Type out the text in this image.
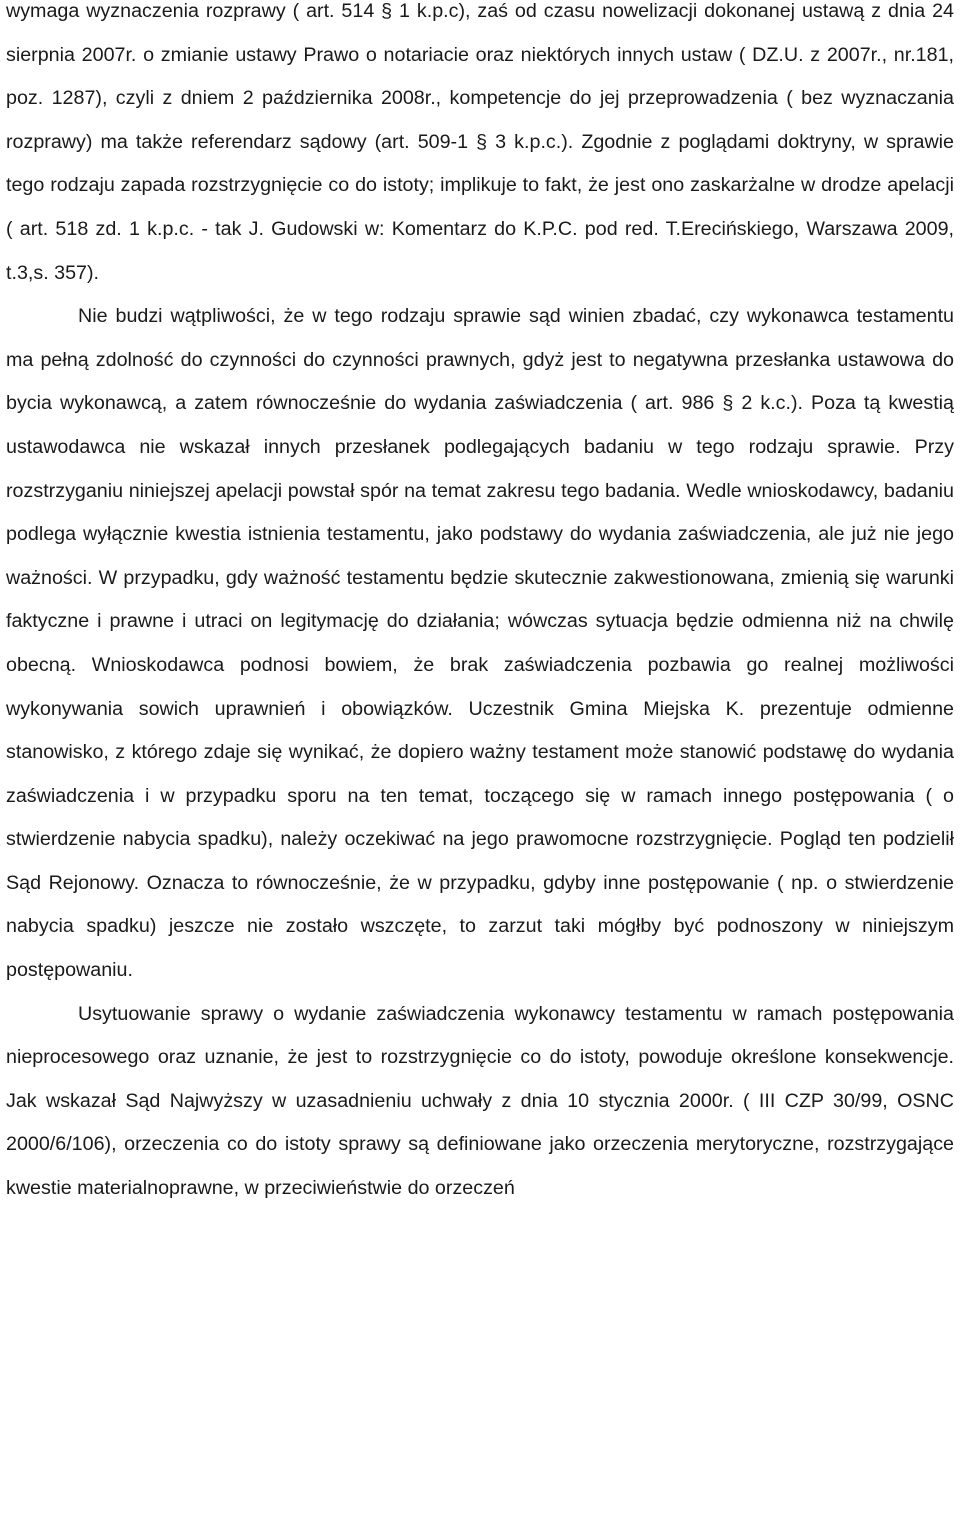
wymaga wyznaczenia rozprawy ( art. 514 § 1 k.p.c), zaś od czasu nowelizacji dokonanej ustawą z dnia 24 sierpnia 2007r. o zmianie ustawy Prawo o notariacie oraz niektórych innych ustaw ( DZ.U. z 2007r., nr.181, poz. 1287), czyli z dniem 2 października 2008r., kompetencje do jej przeprowadzenia ( bez wyznaczania rozprawy) ma także referendarz sądowy (art. 509-1 § 3 k.p.c.). Zgodnie z poglądami doktryny, w sprawie tego rodzaju zapada rozstrzygnięcie co do istoty; implikuje to fakt, że jest ono zaskarżalne w drodze apelacji ( art. 518 zd. 1 k.p.c. - tak J. Gudowski w: Komentarz do K.P.C. pod red. T.Erecińskiego, Warszawa 2009, t.3,s. 357).

Nie budzi wątpliwości, że w tego rodzaju sprawie sąd winien zbadać, czy wykonawca testamentu ma pełną zdolność do czynności do czynności prawnych, gdyż jest to negatywna przesłanka ustawowa do bycia wykonawcą, a zatem równocześnie do wydania zaświadczenia ( art. 986 § 2 k.c.). Poza tą kwestią ustawodawca nie wskazał innych przesłanek podlegających badaniu w tego rodzaju sprawie. Przy rozstrzyganiu niniejszej apelacji powstał spór na temat zakresu tego badania. Wedle wnioskodawcy, badaniu podlega wyłącznie kwestia istnienia testamentu, jako podstawy do wydania zaświadczenia, ale już nie jego ważności. W przypadku, gdy ważność testamentu będzie skutecznie zakwestionowana, zmienią się warunki faktyczne i prawne i utraci on legitymację do działania; wówczas sytuacja będzie odmienna niż na chwilę obecną. Wnioskodawca podnosi bowiem, że brak zaświadczenia pozbawia go realnej możliwości wykonywania sowich uprawnień i obowiązków. Uczestnik Gmina Miejska K. prezentuje odmienne stanowisko, z którego zdaje się wynikać, że dopiero ważny testament może stanowić podstawę do wydania zaświadczenia i w przypadku sporu na ten temat, toczącego się w ramach innego postępowania ( o stwierdzenie nabycia spadku), należy oczekiwać na jego prawomocne rozstrzygnięcie. Pogląd ten podzielił Sąd Rejonowy. Oznacza to równocześnie, że w przypadku, gdyby inne postępowanie ( np. o stwierdzenie nabycia spadku) jeszcze nie zostało wszczęte, to zarzut taki mógłby być podnoszony w niniejszym postępowaniu.

Usytuowanie sprawy o wydanie zaświadczenia wykonawcy testamentu w ramach postępowania nieprocesowego oraz uznanie, że jest to rozstrzygnięcie co do istoty, powoduje określone konsekwencje. Jak wskazał Sąd Najwyższy w uzasadnieniu uchwały z dnia 10 stycznia 2000r. ( III CZP 30/99, OSNC 2000/6/106), orzeczenia co do istoty sprawy są definiowane jako orzeczenia merytoryczne, rozstrzygające kwestie materialnoprawne, w przeciwieństwie do orzeczeń
